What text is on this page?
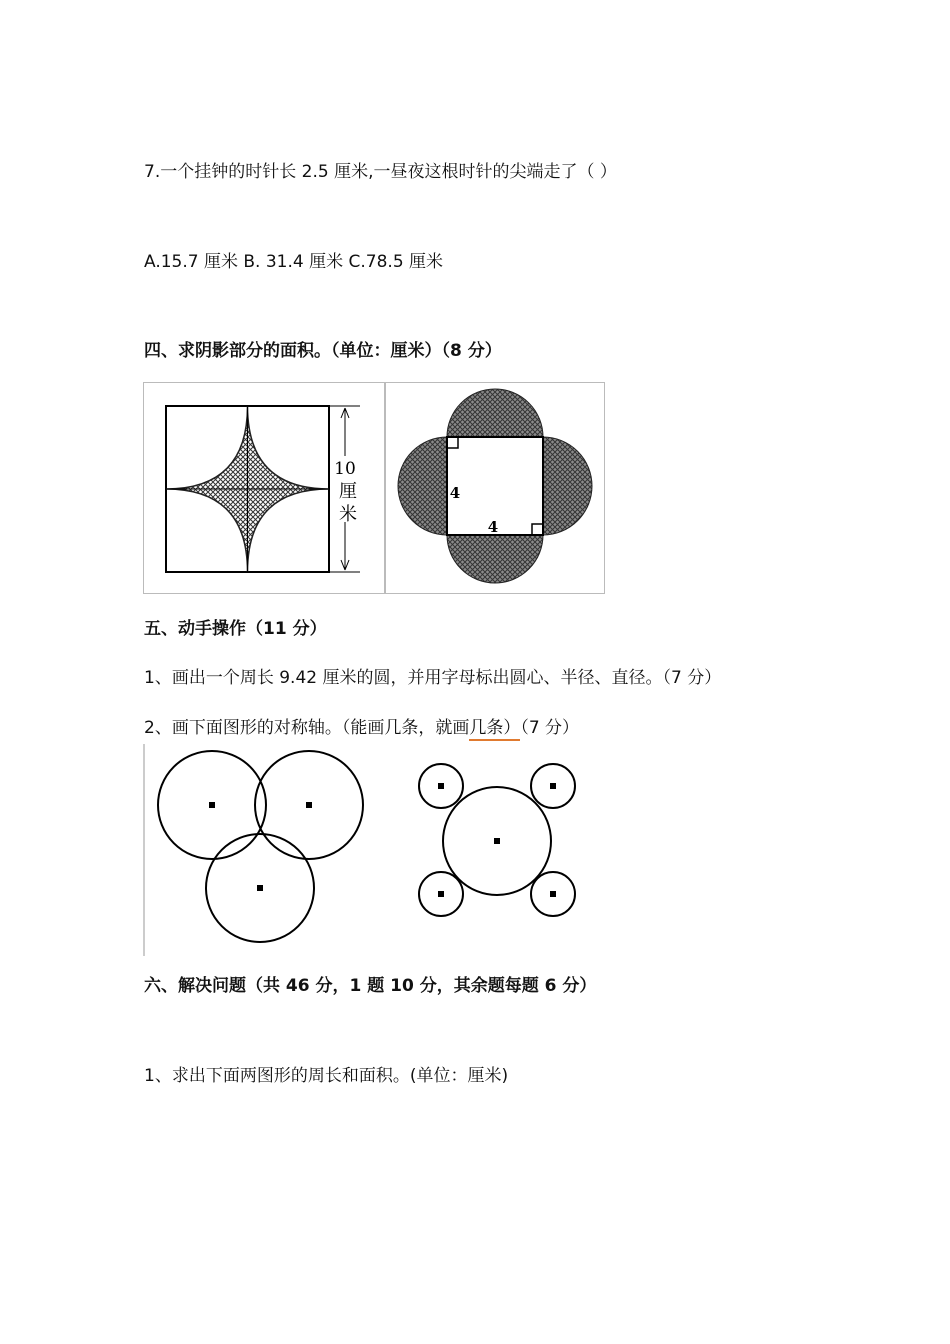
7.一个挂钟的时针长 2.5 厘米,一昼夜这根时针的尖端走了（ ）
A.15.7 厘米 B. 31.4 厘米 C.78.5 厘米
四、求阴影部分的面积。（单位：厘米）（8 分）
10
厘
米
4
4
五、动手操作（11 分）
1、画出一个周长 9.42 厘米的圆，并用字母标出圆心、半径、直径。（7 分）
2、画下面图形的对称轴。（能画几条，就画几条）（7 分）
六、解决问题（共 46 分，1 题 10 分，其余题每题 6 分）
1、求出下面两图形的周长和面积。(单位：厘米)
